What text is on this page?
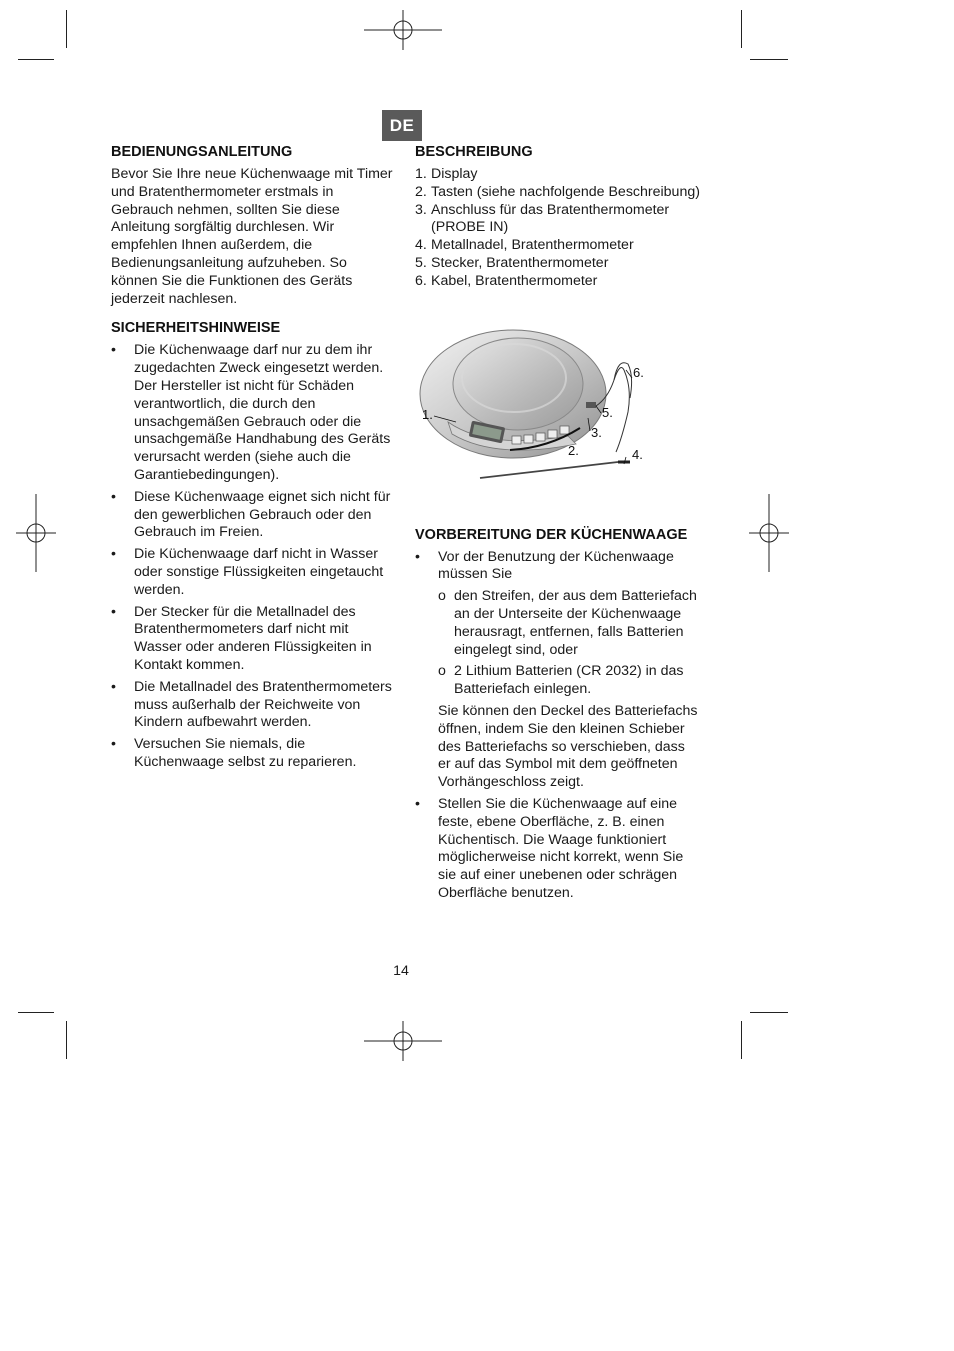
DE
BEDIENUNGSANLEITUNG

Bevor Sie Ihre neue Küchenwaage mit Timer und Bratenthermometer erstmals in Gebrauch nehmen, sollten Sie diese Anleitung sorgfältig durchlesen. Wir empfehlen Ihnen außerdem, die Bedienungsanleitung aufzuheben. So können Sie die Funktionen des Geräts jederzeit nachlesen.

SICHERHEITSHINWEISE
• Die Küchenwaage darf nur zu dem ihr zugedachten Zweck eingesetzt werden. Der Hersteller ist nicht für Schäden verantwortlich, die durch den unsachgemäßen Gebrauch oder die unsachgemäße Handhabung des Geräts verursacht werden (siehe auch die Garantiebedingungen).
• Diese Küchenwaage eignet sich nicht für den gewerblichen Gebrauch oder den Gebrauch im Freien.
• Die Küchenwaage darf nicht in Wasser oder sonstige Flüssigkeiten eingetaucht werden.
• Der Stecker für die Metallnadel des Bratenthermometers darf nicht mit Wasser oder anderen Flüssigkeiten in Kontakt kommen.
• Die Metallnadel des Bratenthermometers muss außerhalb der Reichweite von Kindern aufbewahrt werden.
• Versuchen Sie niemals, die Küchenwaage selbst zu reparieren.
BESCHREIBUNG
1. Display
2. Tasten (siehe nachfolgende Beschreibung)
3. Anschluss für das Bratenthermometer (PROBE IN)
4. Metallnadel, Bratenthermometer
5. Stecker, Bratenthermometer
6. Kabel, Bratenthermometer
VORBEREITUNG DER KÜCHENWAAGE
• Vor der Benutzung der Küchenwaage müssen Sie
o den Streifen, der aus dem Batteriefach an der Unterseite der Küchenwaage herausragt, entfernen, falls Batterien eingelegt sind, oder
o 2 Lithium Batterien (CR 2032) in das Batteriefach einlegen.

Sie können den Deckel des Batteriefachs öffnen, indem Sie den kleinen Schieber des Batteriefachs so verschieben, dass er auf das Symbol mit dem geöffneten Vorhängeschloss zeigt.

• Stellen Sie die Küchenwaage auf eine feste, ebene Oberfläche, z. B. einen Küchentisch. Die Waage funktioniert möglicherweise nicht korrekt, wenn Sie sie auf einer unebenen oder schrägen Oberfläche benutzen.
1.
2.
3.
4.
5.
6.
14
